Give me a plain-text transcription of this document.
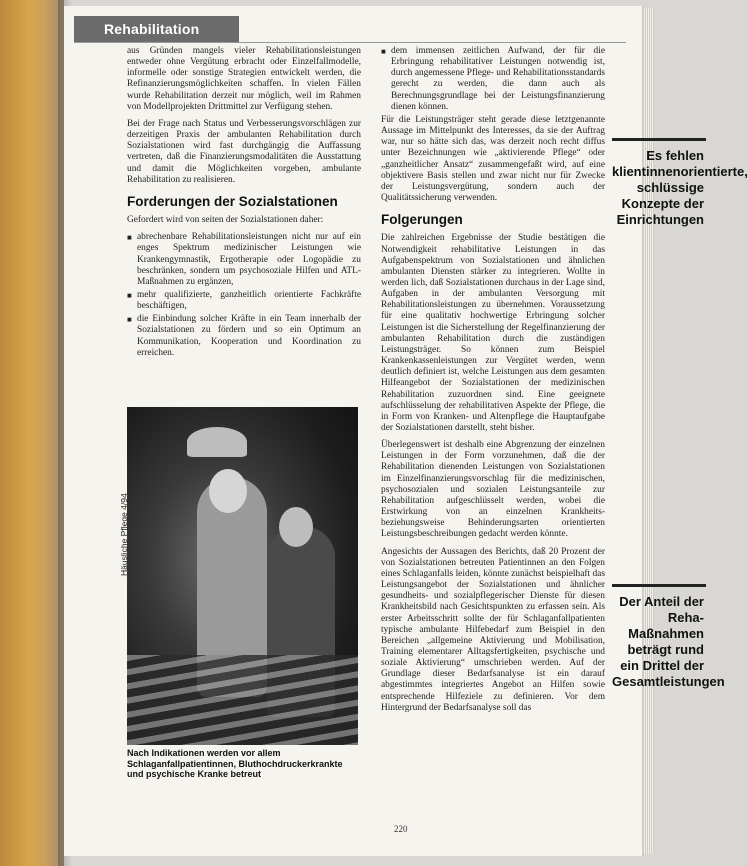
Rehabilitation

aus Gründen mangels vieler Rehabilitationsleistungen entweder ohne Vergütung erbracht oder Einzelfallmodelle, informelle oder sonstige Strategien entwickelt werden, die Refinanzierungsmöglichkeiten schaffen. In vielen Fällen wurde Rehabilitation derzeit nur möglich, weil im Rahmen von Modellprojekten Drittmittel zur Verfügung stehen.

Bei der Frage nach Status und Verbesserungsvorschlägen zur derzeitigen Praxis der ambulanten Rehabilitation durch Sozialstationen wird fast durchgängig die Auffassung vertreten, daß die Finanzierungsmodalitäten die Ausstattung und damit die Möglichkeiten vorgeben, ambulante Rehabilitation zu realisieren.

Forderungen der Sozialstationen

Gefordert wird von seiten der Sozialstationen daher:

■ abrechenbare Rehabilitationsleistungen nicht nur auf ein enges Spektrum medizinischer Leistungen wie Krankengymnastik, Ergotherapie oder Logopädie zu beschränken, sondern um psychosoziale Hilfen und ATL-Maßnahmen zu ergänzen,
■ mehr qualifizierte, ganzheitlich orientierte Fachkräfte beschäftigen,
■ die Einbindung solcher Kräfte in ein Team innerhalb der Sozialstationen zu fördern und so ein Optimum an Kommunikation, Kooperation und Koordination zu erreichen.
Nach Indikationen werden vor allem Schlaganfallpatientinnen, Bluthochdruckerkrankte und psychische Kranke betreut
Häusliche Pflege 4/94
■ dem immensen zeitlichen Aufwand, der für die Erbringung rehabilitativer Leistungen notwendig ist, durch angemessene Pflege- und Rehabilitationsstandards gerecht zu werden, die dann auch als Berechnungsgrundlage bei der Leistungsfinanzierung dienen können.

Für die Leistungsträger steht gerade diese letztgenannte Aussage im Mittelpunkt des Interesses, da sie der Auftrag war, nur so hätte sich das, was derzeit noch recht diffus unter Bezeichnungen wie „aktivierende Pflege“ oder „ganzheitlicher Ansatz“ zusammengefaßt wird, auf eine objektivere Basis stellen und zwar nicht nur für Zwecke der Leistungsvergütung, sondern auch der Qualitätssicherung verwenden.

Folgerungen

Die zahlreichen Ergebnisse der Studie bestätigen die Notwendigkeit rehabilitative Leistungen in das Aufgabenspektrum von Sozialstationen und ähnlichen ambulanten Diensten stärker zu integrieren. Wollte in werden lich, daß Sozialstationen durchaus in der Lage sind, Aufgaben in der ambulanten Versorgung mit Rehabilitationsleistungen zu übernehmen. Voraussetzung für eine qualitativ hochwertige Erbringung solcher Leistungen ist die Sicherstellung der Regelfinanzierung der ambulanten Rehabilitation durch die zuständigen Leistungsträger. So können zum Beispiel Krankenkassenleistungen zur Vergütet werden, wenn deutlich definiert ist, welche Leistungen aus dem gesamten Hilfeangebot der Sozialstationen der medizinischen Rehabilitation zuzuordnen sind. Eine geeignete aufschlüsselung der rehabilitativen Aspekte der Pflege, die in Form von Kranken- und Altenpflege die Hauptaufgabe der Sozialstationen darstellt, steht bisher.

Überlegenswert ist deshalb eine Abgrenzung der einzelnen Leistungen in der Form vorzunehmen, daß die der Rehabilitation dienenden Leistungen von Sozialstationen im Einzelfinanzierungsvorschlag für die medizinischen, psychosozialen und sozialen Leistungsanteile zur Rehabilitation aufgeschlüsselt werden, wobei die Erstwirkung von an einzelnen Krankheits- beziehungsweise Behinderungsarten orientierten Leistungsbeschreibungen gedacht werden könnte.

Angesichts der Aussagen des Berichts, daß 20 Prozent der von Sozialstationen betreuten Patientinnen an den Folgen eines Schlaganfalls leiden, könnte zunächst beispielhaft das Leistungsangebot der Sozialstationen und ähnlicher gesundheits- und sozialpflegerischer Dienste für diesen Krankheitsbild nach Gesichtspunkten zu erfassen sein. Als erster Arbeitsschritt sollte der für Schlaganfallpatienten typische ambulante Hilfebedarf zum Beispiel in den Bereichen „allgemeine Aktivierung und Mobilisation, Training elementarer Alltagsfertigkeiten, psychische und soziale Aktivierung“ umschrieben werden. Auf der Grundlage dieser Bedarfsanalyse ist ein darauf abgestimmtes integriertes Angebot an Hilfen sowie entsprechende Hilfeziele zu definieren. Vor dem Hintergrund der Bedarfsanalyse soll das

Es fehlen klientinnenorientierte, schlüssige Konzepte der Einrichtungen
Der Anteil der Reha-Maßnahmen beträgt rund ein Drittel der Gesamtleistungen
220
